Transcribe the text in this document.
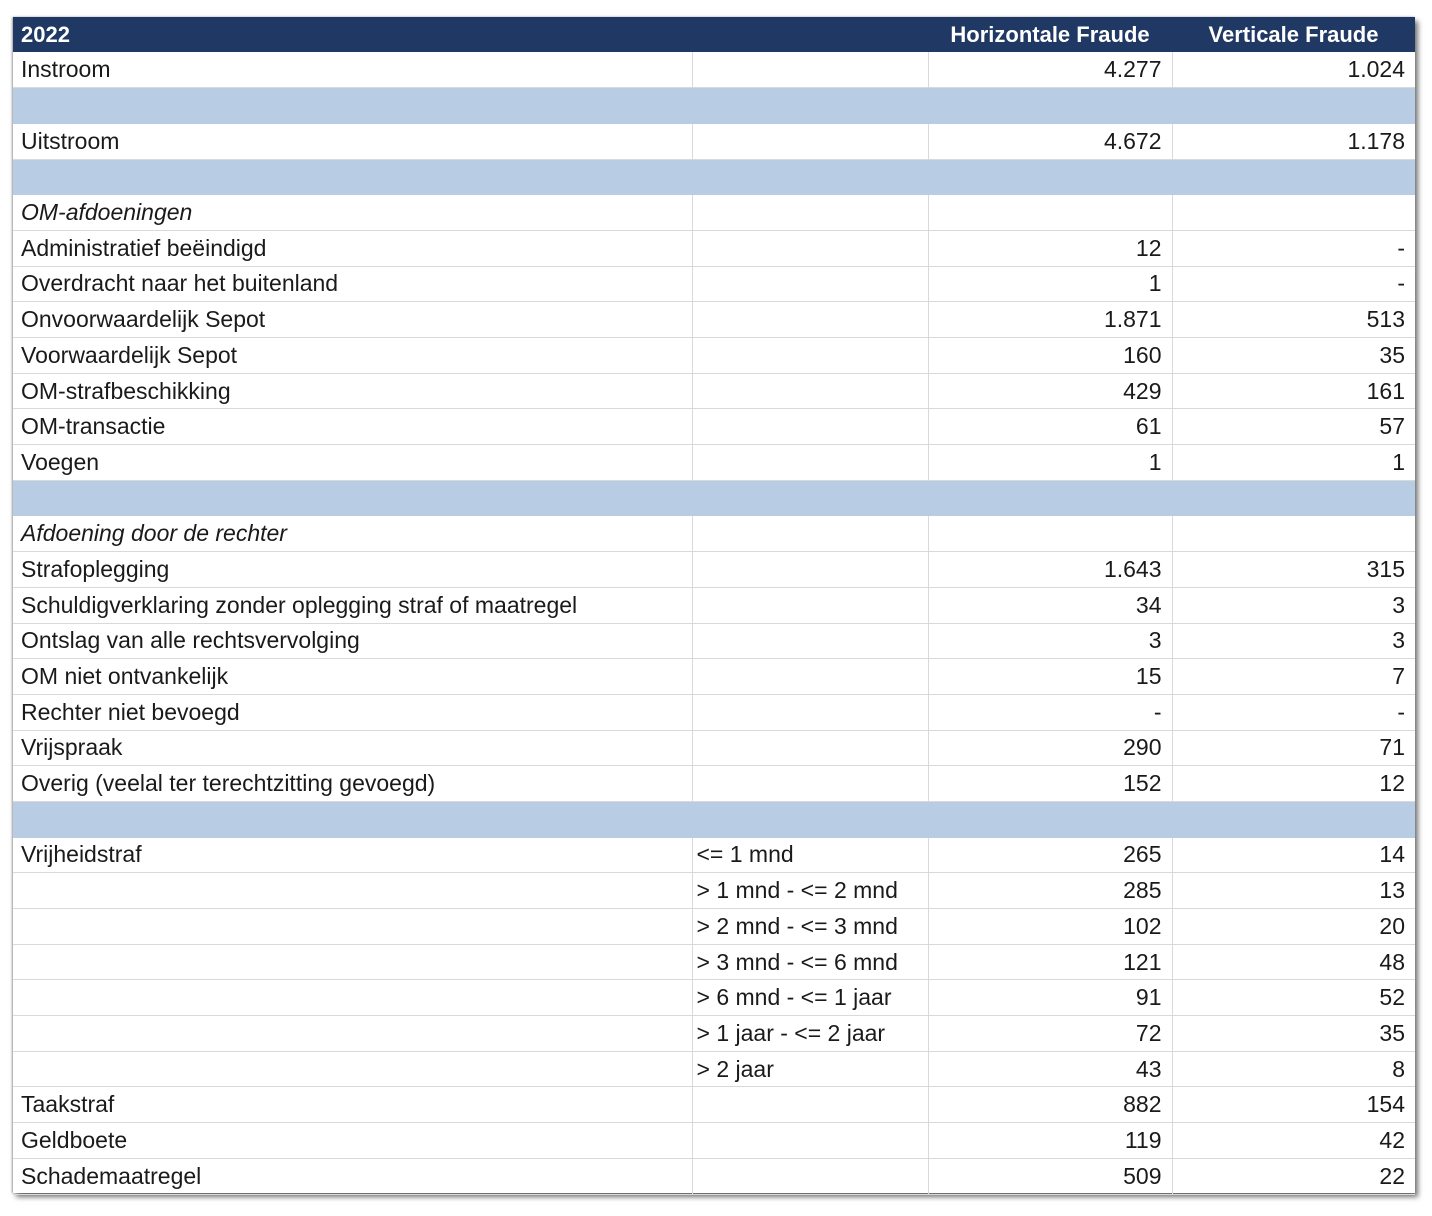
2022		Horizontale Fraude	Verticale Fraude
Instroom		4.277	1.024

Uitstroom		4.672	1.178

OM-afdoeningen			
Administratief beëindigd		12	-
Overdracht naar het buitenland		1	-
Onvoorwaardelijk Sepot		1.871	513
Voorwaardelijk Sepot		160	35
OM-strafbeschikking		429	161
OM-transactie		61	57
Voegen		1	1

Afdoening door de rechter			
Strafoplegging		1.643	315
Schuldigverklaring zonder oplegging straf of maatregel		34	3
Ontslag van alle rechtsvervolging		3	3
OM niet ontvankelijk		15	7
Rechter niet bevoegd		-	-
Vrijspraak		290	71
Overig (veelal ter terechtzitting gevoegd)		152	12

Vrijheidstraf	<= 1 mnd	265	14
	> 1 mnd - <= 2 mnd	285	13
	> 2 mnd - <= 3 mnd	102	20
	> 3 mnd - <= 6 mnd	121	48
	> 6 mnd - <= 1 jaar	91	52
	> 1 jaar - <= 2 jaar	72	35
	> 2 jaar	43	8
Taakstraf		882	154
Geldboete		119	42
Schademaatregel		509	22
